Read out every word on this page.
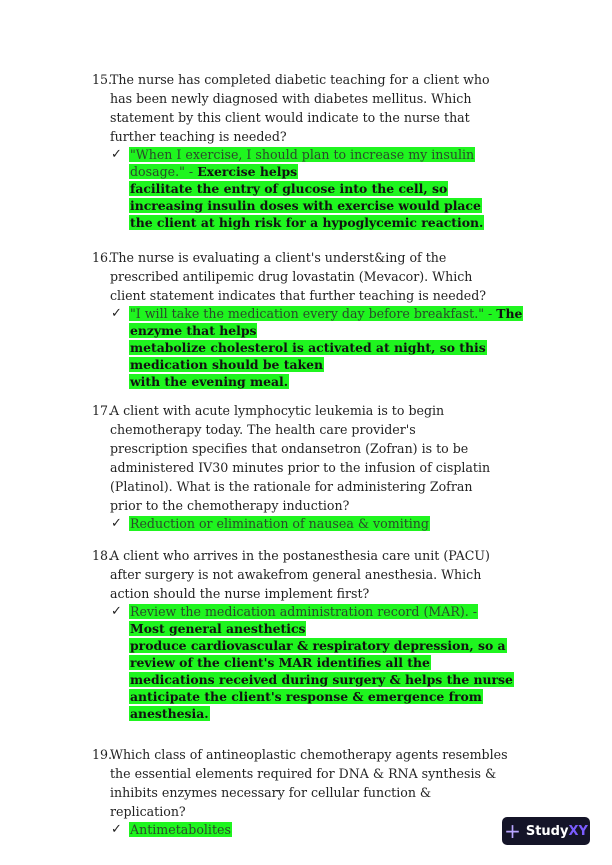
15.
The nurse has completed diabetic teaching for a client who
has been newly diagnosed with diabetes mellitus. Which
statement by this client would indicate to the nurse that
further teaching is needed?
✓ "When I exercise, I should plan to increase my insulin
dosage." - Exercise helps
facilitate the entry of glucose into the cell, so
increasing insulin doses with exercise would place
the client at high risk for a hypoglycemic reaction.
16.
The nurse is evaluating a client's underst&ing of the
prescribed antilipemic drug lovastatin (Mevacor). Which
client statement indicates that further teaching is needed?
✓ "I will take the medication every day before breakfast." - The
enzyme that helps
metabolize cholesterol is activated at night, so this
medication should be taken
with the evening meal.
17.
A client with acute lymphocytic leukemia is to begin
chemotherapy today. The health care provider's
prescription specifies that ondansetron (Zofran) is to be
administered IV30 minutes prior to the infusion of cisplatin
(Platinol). What is the rationale for administering Zofran
prior to the chemotherapy induction?
✓ Reduction or elimination of nausea & vomiting
18.
A client who arrives in the postanesthesia care unit (PACU)
after surgery is not awakefrom general anesthesia. Which
action should the nurse implement first?
✓ Review the medication administration record (MAR). -
Most general anesthetics
produce cardiovascular & respiratory depression, so a
review of the client's MAR identifies all the
medications received during surgery & helps the nurse
anticipate the client's response & emergence from
anesthesia.
19.
Which class of antineoplastic chemotherapy agents resembles
the essential elements required for DNA & RNA synthesis &
inhibits enzymes necessary for cellular function &
replication?
✓ Antimetabolites	+ Study XY
